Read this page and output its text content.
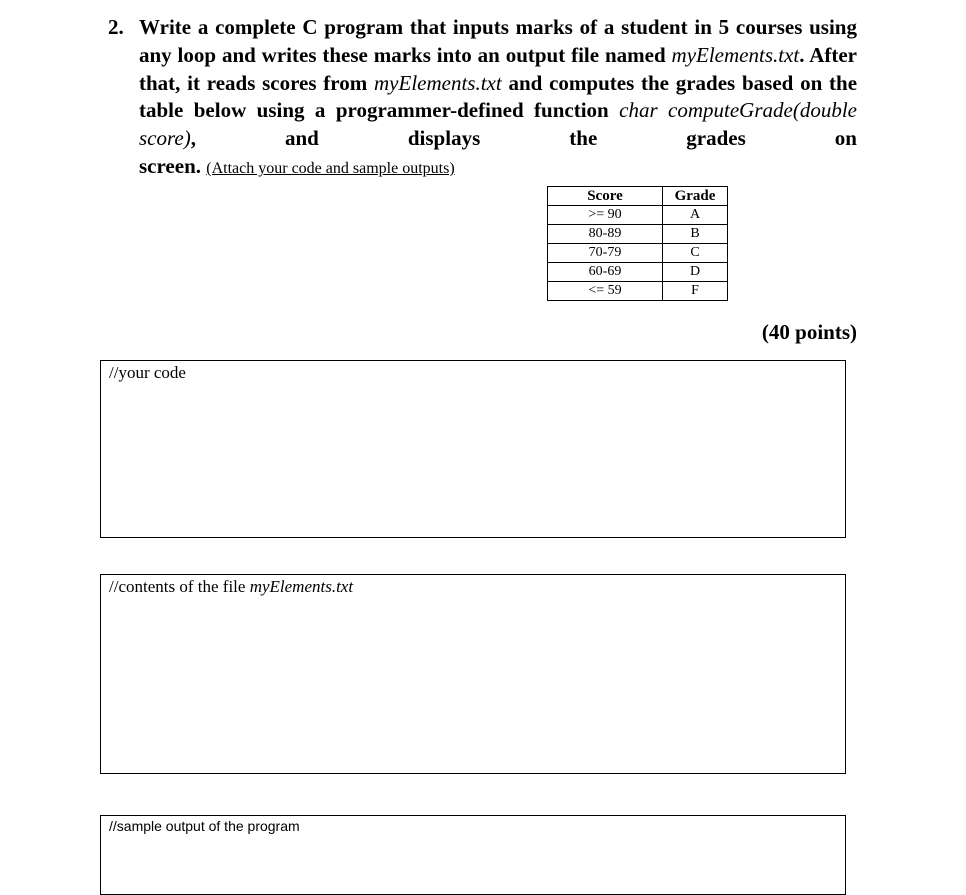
2. Write a complete C program that inputs marks of a student in 5 courses using any loop and writes these marks into an output file named myElements.txt. After that, it reads scores from myElements.txt and computes the grades based on the table below using a programmer-defined function char computeGrade(double score), and displays the grades on
screen. (Attach your code and sample outputs)
Score	Grade
>= 90	A
80-89	B
70-79	C
60-69	D
<= 59	F
(40 points)
//your code
//contents of the file myElements.txt
//sample output of the program
